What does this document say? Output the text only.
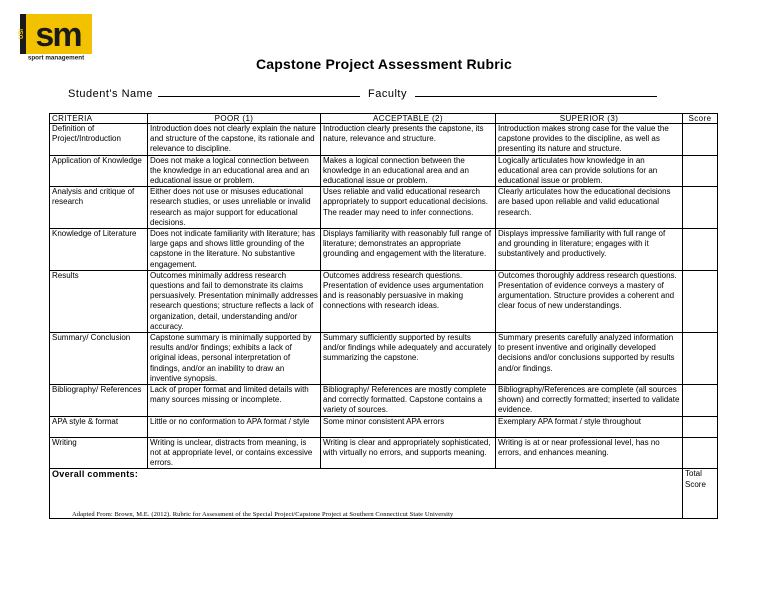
USI sm
sport management	Capstone Project Assessment Rubric
Student's Name	Faculty
CRITERIA	POOR (1)	ACCEPTABLE (2)	SUPERIOR (3)	Score
Definition of Project/Introduction	Introduction does not clearly explain the nature and structure of the capstone, its rationale and relevance to discipline.	Introduction clearly presents the capstone, its nature, relevance and structure.	Introduction makes strong case for the value the capstone provides to the discipline, as well as presenting its nature and structure.	
Application of Knowledge	Does not make a logical connection between the knowledge in an educational area and an educational issue or problem.	Makes a logical connection between the knowledge in an educational area and an educational issue or problem.	Logically articulates how knowledge in an educational area can provide solutions for an educational issue or problem.	
Analysis and critique of research	Either does not use or misuses educational research studies, or uses unreliable or invalid research as major support for educational decisions.	Uses reliable and valid educational research appropriately to support educational decisions. The reader may need to infer connections.	Clearly articulates how the educational decisions are based upon reliable and valid educational research.	
Knowledge of Literature	Does not indicate familiarity with literature; has large gaps and shows little grounding of the capstone in the literature. No substantive engagement.	Displays familiarity with reasonably full range of literature; demonstrates an appropriate grounding and engagement with the literature.	Displays impressive familiarity with full range of and grounding in literature; engages with it substantively and productively.	
Results	Outcomes minimally address research questions and fail to demonstrate its claims persuasively. Presentation minimally addresses research questions; structure reflects a lack of organization, detail, understanding and/or accuracy.	Outcomes address research questions. Presentation of evidence uses argumentation and is reasonably persuasive in making connections with research ideas.	Outcomes thoroughly address research questions. Presentation of evidence conveys a mastery of argumentation. Structure provides a coherent and clear focus of new understandings.	
Summary/ Conclusion	Capstone summary is minimally supported by results and/or findings; exhibits a lack of original ideas, personal interpretation of findings, and/or an inability to draw an inventive synopsis.	Summary sufficiently supported by results and/or findings while adequately and accurately summarizing the capstone.	Summary presents carefully analyzed information to present inventive and originally developed decisions and/or conclusions supported by results and/or findings.	
Bibliography/ References	Lack of proper format and limited details with many sources missing or incomplete.	Bibliography/ References are mostly complete and correctly formatted. Capstone contains a variety of sources.	Bibliography/References are complete (all sources shown) and correctly formatted; inserted to validate evidence.	
APA style & format	Little or no conformation to APA format / style	Some minor consistent APA errors	Exemplary APA format / style throughout	
Writing	Writing is unclear, distracts from meaning, is not at appropriate level, or contains excessive errors.	Writing is clear and appropriately sophisticated, with virtually no errors, and supports meaning.	Writing is at or near professional level, has no errors, and enhances meaning.	
Overall comments:				Total Score
Adapted From: Brown, M.E. (2012). Rubric for Assessment of the Special Project/Capstone Project at Southern Connecticut State University
